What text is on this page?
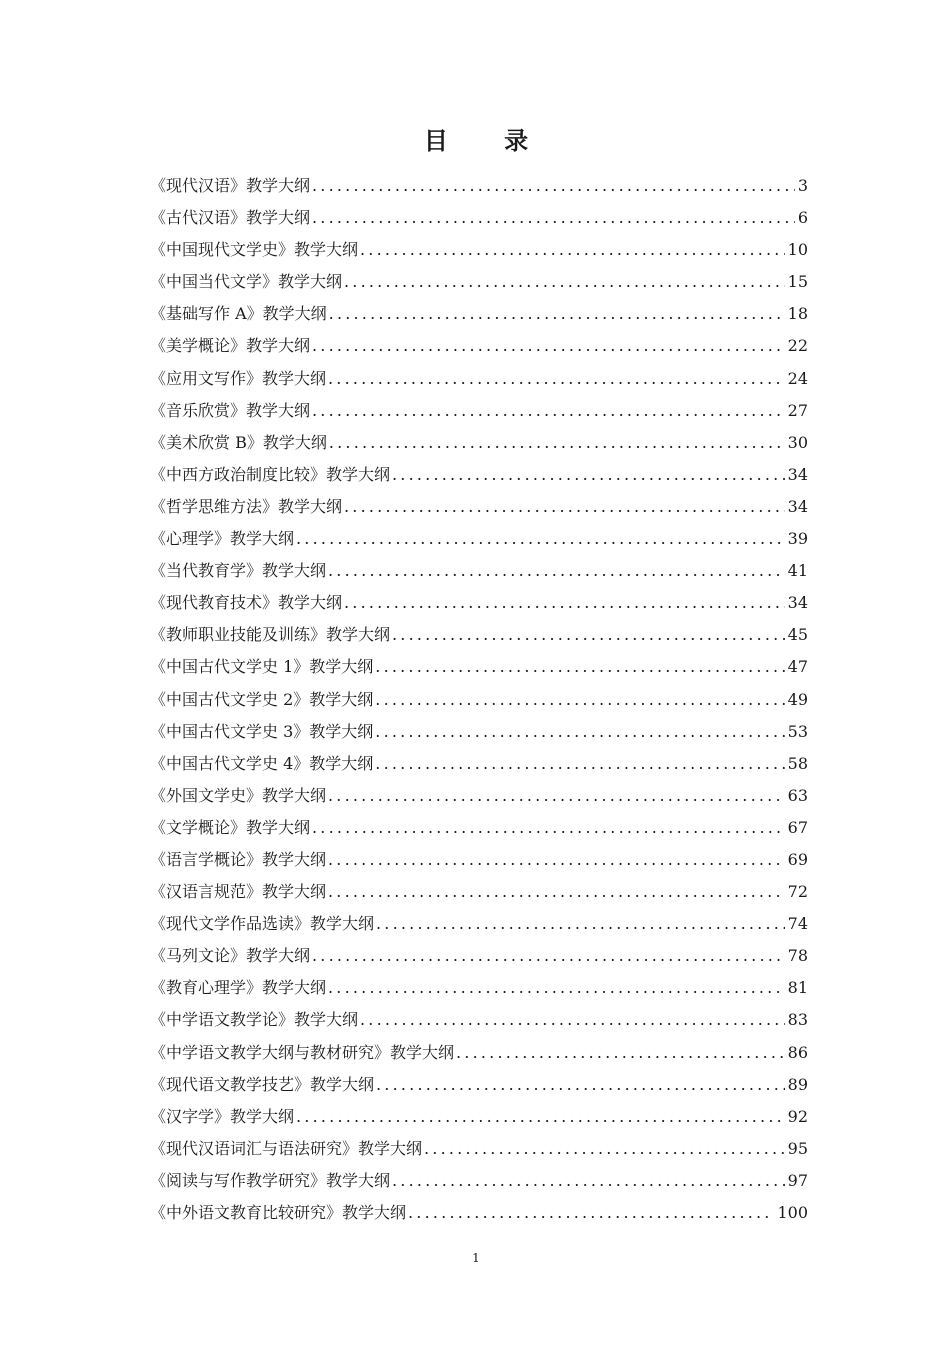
目 录
《现代汉语》教学大纲 .....	3
《古代汉语》教学大纲 .....	6
《中国现代文学史》教学大纲 .....	10
《中国当代文学》教学大纲 .....	15
《基础写作 A》教学大纲 .....	18
《美学概论》教学大纲 .....	22
《应用文写作》教学大纲 .....	24
《音乐欣赏》教学大纲 .....	27
《美术欣赏 B》教学大纲 .....	30
《中西方政治制度比较》教学大纲 .....	34
《哲学思维方法》教学大纲 .....	34
《心理学》教学大纲 .....	39
《当代教育学》教学大纲 .....	41
《现代教育技术》教学大纲 .....	34
《教师职业技能及训练》教学大纲 .....	45
《中国古代文学史 1》教学大纲 .....	47
《中国古代文学史 2》教学大纲 .....	49
《中国古代文学史 3》教学大纲 .....	53
《中国古代文学史 4》教学大纲 .....	58
《外国文学史》教学大纲 .....	63
《文学概论》教学大纲 .....	67
《语言学概论》教学大纲 .....	69
《汉语言规范》教学大纲 .....	72
《现代文学作品选读》教学大纲 .....	74
《马列文论》教学大纲 .....	78
《教育心理学》教学大纲 .....	81
《中学语文教学论》教学大纲 .....	83
《中学语文教学大纲与教材研究》教学大纲 .....	86
《现代语文教学技艺》教学大纲 .....	89
《汉字学》教学大纲 .....	92
《现代汉语词汇与语法研究》教学大纲 .....	95
《阅读与写作教学研究》教学大纲 .....	97
《中外语文教育比较研究》教学大纲 .....	100
1
